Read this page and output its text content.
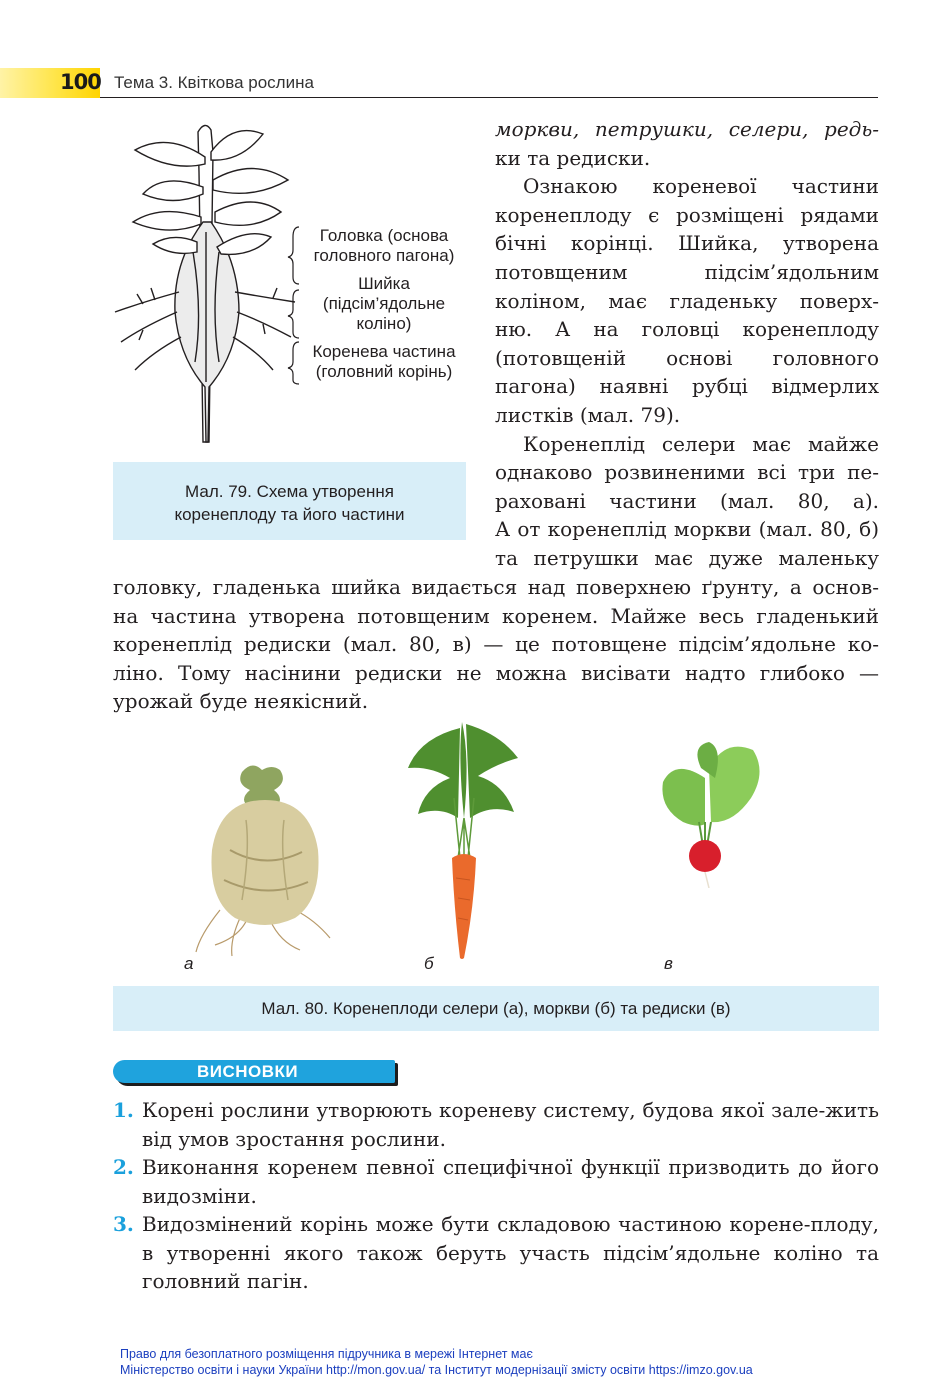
100 Тема 3. Квіткова рослина
Головка (основа головного пагона)
Шийка (підсім’ядольне коліно)
Коренева частина (головний корінь)
Мал. 79. Схема утворення коренеплоду та його частини
моркви, петрушки, селери, редь-
ки та редиски.
Ознакою кореневої частини
коренеплоду є розміщені рядами
бічні корінці. Шийка, утворена
потовщеним підсім’ядольним
коліном, має гладеньку поверх-
ню. А на головці коренеплоду
(потовщеній основі головного
пагона) наявні рубці відмерлих
листків (мал. 79).
Коренеплід селери має майже
однаково розвиненими всі три пе-
раховані частини (мал. 80, а).
А от коренеплід моркви (мал. 80, б)
та петрушки має дуже маленьку
головку, гладенька шийка видається над поверхнею ґрунту, а основ-
на частина утворена потовщеним коренем. Майже весь гладенький
коренеплід редиски (мал. 80, в) — це потовщене підсім’ядольне ко-
ліно. Тому насінини редиски не можна висівати надто глибоко —
урожай буде неякісний.
а	б	в
Мал. 80. Коренеплоди селери (а), моркви (б) та редиски (в)
ВИСНОВКИ
1. Корені рослини утворюють кореневу систему, будова якої зале-жить від умов зростання рослини.
2. Виконання коренем певної специфічної функції призводить до його видозміни.
3. Видозмінений корінь може бути складовою частиною корене-плоду, в утворенні якого також беруть участь підсім’ядольне коліно та головний пагін.
Право для безоплатного розміщення підручника в мережі Інтернет має
Міністерство освіти і науки України http://mon.gov.ua/ та Інститут модернізації змісту освіти https://imzo.gov.ua
